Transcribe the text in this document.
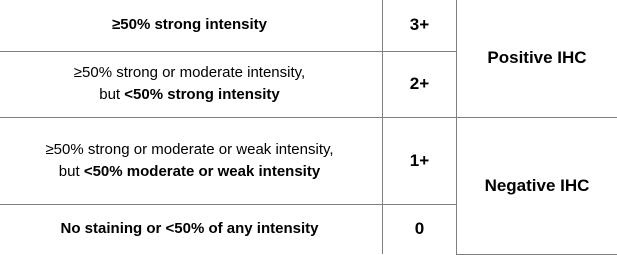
≥50% strong intensity	3+	Positive IHC

≥50% strong or moderate intensity,
but <50% strong intensity	2+	

≥50% strong or moderate or weak intensity,
but <50% moderate or weak intensity	1+	Negative IHC

No staining or <50% of any intensity	0	
